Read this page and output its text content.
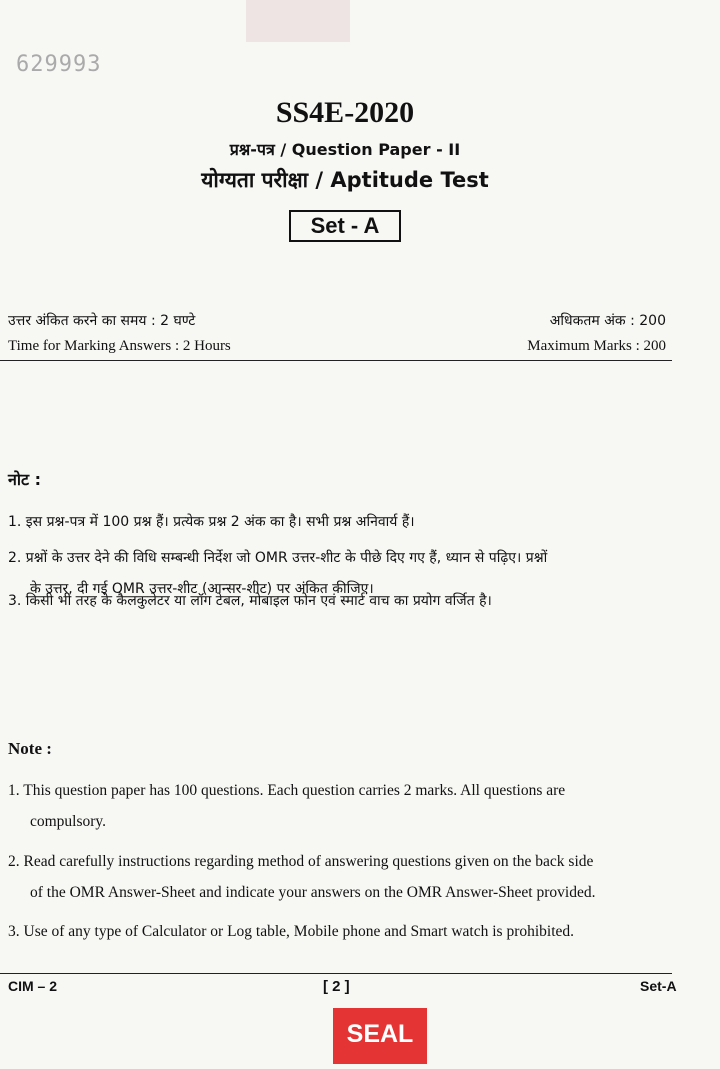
629993
SS4E-2020
प्रश्न-पत्र / Question Paper - II
योग्यता परीक्षा / Aptitude Test
Set - A
उत्तर अंकित करने का समय : 2 घण्टे	अधिकतम अंक : 200
Time for Marking Answers : 2 Hours	Maximum Marks : 200
नोट :
1. इस प्रश्न-पत्र में 100 प्रश्न हैं। प्रत्येक प्रश्न 2 अंक का है। सभी प्रश्न अनिवार्य हैं।
2. प्रश्नों के उत्तर देने की विधि सम्बन्धी निर्देश जो OMR उत्तर-शीट के पीछे दिए गए हैं, ध्यान से पढ़िए। प्रश्नों
के उत्तर, दी गई OMR उत्तर-शीट (आन्सर-शीट) पर अंकित कीजिए।
3. किसी भी तरह के कैलकुलेटर या लॉग टेबल, मोबाइल फोन एवं स्मार्ट वाच का प्रयोग वर्जित है।
Note :
1. This question paper has 100 questions. Each question carries 2 marks. All questions are
compulsory.
2. Read carefully instructions regarding method of answering questions given on the back side
of the OMR Answer-Sheet and indicate your answers on the OMR Answer-Sheet provided.
3. Use of any type of Calculator or Log table, Mobile phone and Smart watch is prohibited.
CIM – 2	[ 2 ]	Set-A
SEAL
